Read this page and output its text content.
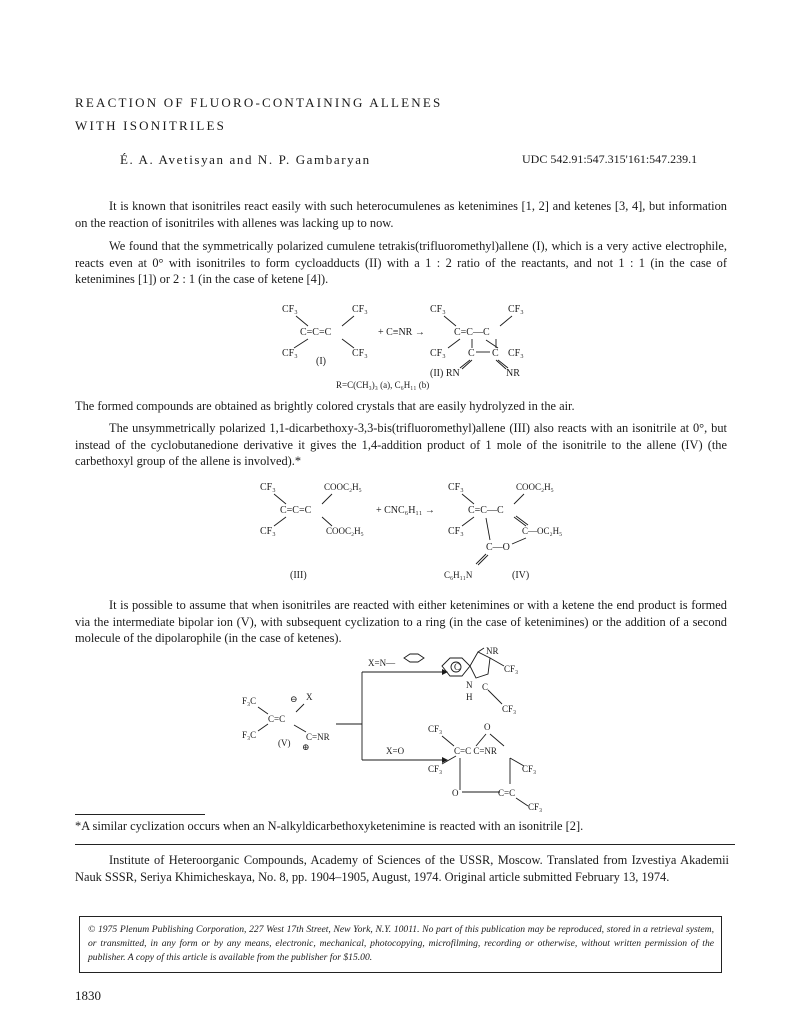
REACTION OF FLUORO-CONTAINING ALLENES
WITH ISONITRILES
É. A. Avetisyan and N. P. Gambaryan	UDC 542.91:547.315'161:547.239.1

It is known that isonitriles react easily with such heterocumulenes as ketenimines [1, 2] and ketenes [3, 4], but information on the reaction of isonitriles with allenes was lacking up to now.

We found that the symmetrically polarized cumulene tetrakis(trifluoromethyl)allene (I), which is a very active electrophile, reacts even at 0° with isonitriles to form cycloadducts (II) with a 1 : 2 ratio of the reactants, and not 1 : 1 (in the case of ketenimines [1]) or 2 : 1 (in the case of ketene [4]).

CF₃	CF₃
C=C=C
CF₃	CF₃
(I)
+ C≡NR →
CF₃	CF₃
C=C—C
CF₃ C C CF₃
(II) RN	NR
R=C(CH₃)₃ (a), C₆H₁₁ (b)

The formed compounds are obtained as brightly colored crystals that are easily hydrolyzed in the air.

The unsymmetrically polarized 1,1-dicarbethoxy-3,3-bis(trifluoromethyl)allene (III) also reacts with an isonitrile at 0°, but instead of the cyclobutanedione derivative it gives the 1,4-addition product of 1 mole of the isonitrile to the allene (IV) (the carbethoxyl group of the allene is involved).*

CF₃	COOC₂H₅
C=C=C
CF₃	COOC₂H₅
(III)
+ CNC₆H₁₁ →
CF₃	COOC₂H₅
C=C—C
CF₃	C—OC₂H₅
C—O
C₆H₁₁N	(IV)

It is possible to assume that when isonitriles are reacted with either ketenimines or with a ketene the end product is formed via the intermediate bipolar ion (V), with subsequent cyclization to a ring (in the case of ketenimines) or the addition of a second molecule of the dipolarophile (in the case of ketenes).

F₃C	⊖ X
C=C
F₃C	C=NR
⊕
(V)
X=N—
X=O
C
NR
CF₃
N
H
C
CF₃
CF₃	O
C=C C=NR
CF₃	CF₃
O	C=C
CF₃
*A similar cyclization occurs when an N-alkyldicarbethoxyketenimine is reacted with an isonitrile [2].

Institute of Heteroorganic Compounds, Academy of Sciences of the USSR, Moscow. Translated from Izvestiya Akademii Nauk SSSR, Seriya Khimicheskaya, No. 8, pp. 1904–1905, August, 1974. Original article submitted February 13, 1974.

© 1975 Plenum Publishing Corporation, 227 West 17th Street, New York, N.Y. 10011. No part of this publication may be reproduced, stored in a retrieval system, or transmitted, in any form or by any means, electronic, mechanical, photocopying, microfilming, recording or otherwise, without written permission of the publisher. A copy of this article is available from the publisher for $15.00.

1830
